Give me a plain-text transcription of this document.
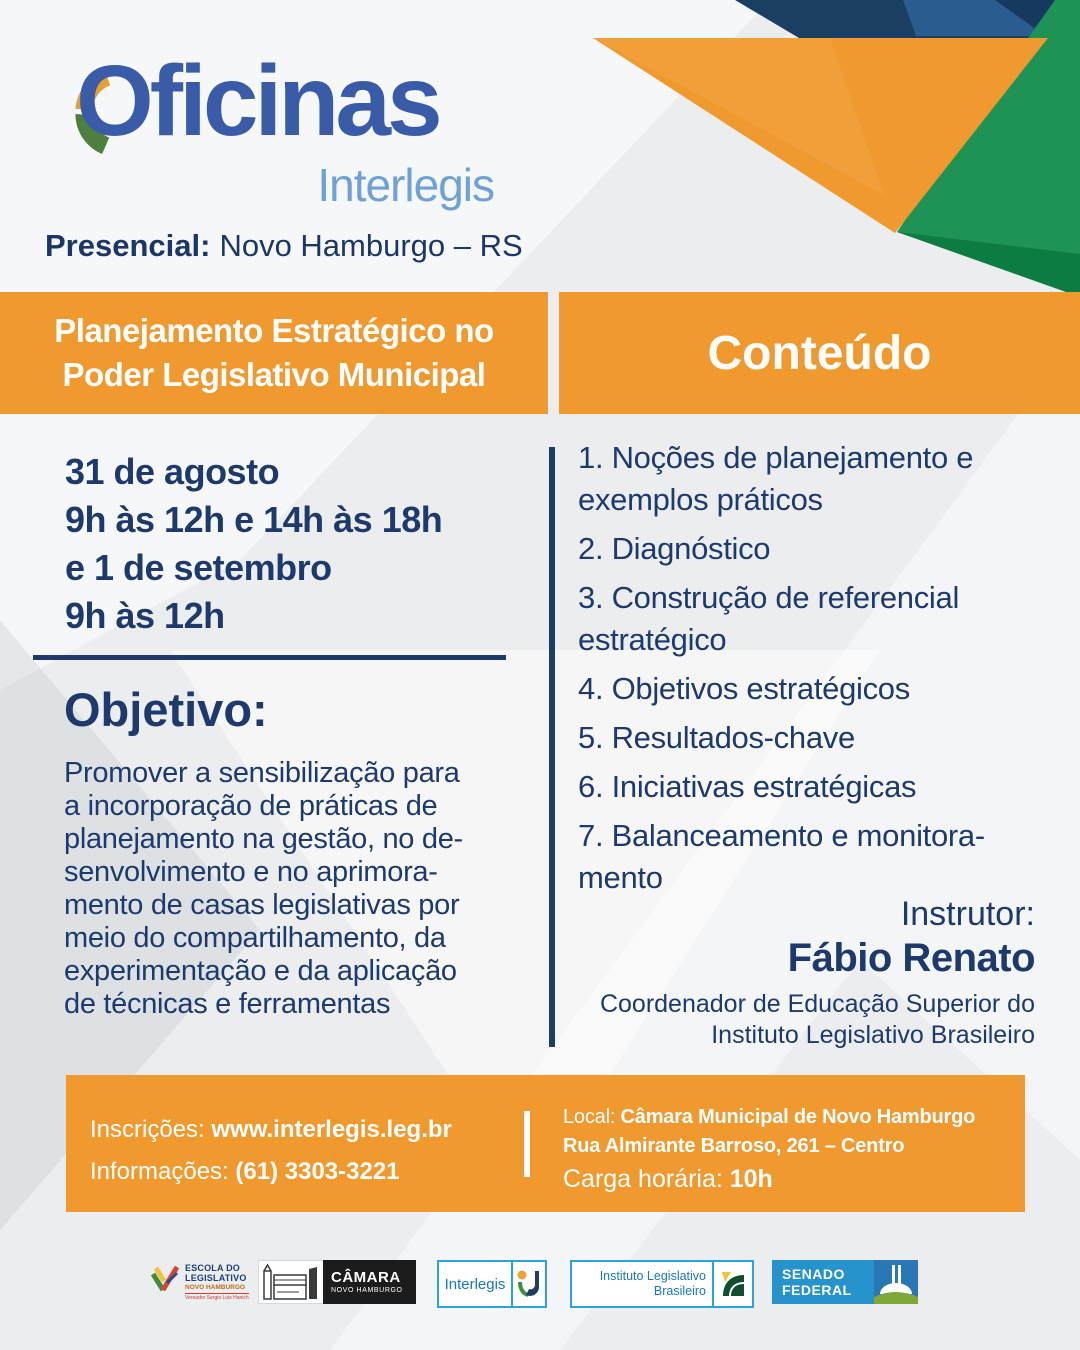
Oficinas
Interlegis
Presencial: Novo Hamburgo – RS
Planejamento Estratégico no
Poder Legislativo Municipal	Conteúdo
31 de agosto
9h às 12h e 14h às 18h
e 1 de setembro
9h às 12h
Objetivo:
Promover a sensibilização para
a incorporação de práticas de
planejamento na gestão, no de-
senvolvimento e no aprimora-
mento de casas legislativas por
meio do compartilhamento, da
experimentação e da aplicação
de técnicas e ferramentas
1. Noções de planejamento e
exemplos práticos
2. Diagnóstico
3. Construção de referencial
estratégico
4. Objetivos estratégicos
5. Resultados-chave
6. Iniciativas estratégicas
7. Balanceamento e monitora-
mento
Instrutor:
Fábio Renato
Coordenador de Educação Superior do
Instituto Legislativo Brasileiro
Inscrições: www.interlegis.leg.br
Informações: (61) 3303-3221
Local: Câmara Municipal de Novo Hamburgo
Rua Almirante Barroso, 261 – Centro
Carga horária: 10h
ESCOLA DO
LEGISLATIVO
NOVO HAMBURGO
Vereador Sergio Luis Hanich
CÂMARA
NOVO HAMBURGO	Interlegis	Instituto Legislativo
Brasileiro
SENADO
FEDERAL
